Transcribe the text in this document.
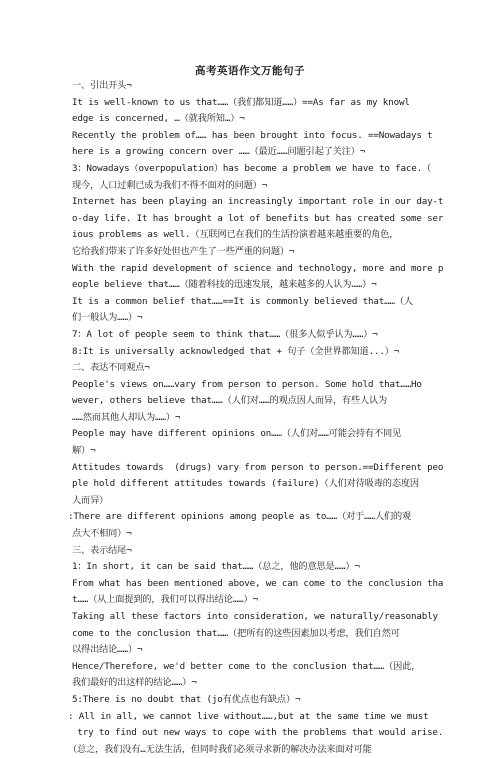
高考英语作文万能句子
一、引出开头¬
It is well-known to us that……（我们都知道……）==As far as my knowl
edge is concerned, …（就我所知…）¬
Recently the problem of…… has been brought into focus. ==Nowadays t
here is a growing concern over ……（最近……问题引起了关注）¬
3：Nowadays（overpopulation）has become a problem we have to face.（
现今，人口过剩已成为我们不得不面对的问题）¬
Internet has been playing an increasingly important role in our day-t
o-day life. It has brought a lot of benefits but has created some ser
ious problems as well.（互联网已在我们的生活扮演着越来越重要的角色，
它给我们带来了许多好处但也产生了一些严重的问题）¬
With the rapid development of science and technology, more and more p
eople believe that……（随着科技的迅速发展，越来越多的人认为……）¬
It is a common belief that……==It is commonly believed that……（人
们一般认为……）¬
7：A lot of people seem to think that……（很多人似乎认为……）¬
8:It is universally acknowledged that + 句子（全世界都知道...）¬
二、表达不同观点¬
People's views on……vary from person to person. Some hold that……Ho
wever, others believe that……（人们对……的观点因人而异，有些人认为
……然而其他人却认为……）¬
People may have different opinions on……（人们对……可能会持有不同见
解）¬
Attitudes towards  (drugs) vary from person to person.==Different peo
ple hold different attitudes towards (failure)（人们对待吸毒的态度因
人而异）
:There are different opinions among people as to……（对于……人们的观
点大不相同）¬
三、表示结尾¬
1：In short, it can be said that……（总之，他的意思是……）¬
From what has been mentioned above, we can come to the conclusion tha
t……（从上面提到的，我们可以得出结论……）¬
Taking all these factors into consideration, we naturally/reasonably
come to the conclusion that……（把所有的这些因素加以考虑，我们自然可
以得出结论……）¬
Hence/Therefore, we'd better come to the conclusion that……（因此，
我们最好的出这样的结论……）¬
5:There is no doubt that (jo有优点也有缺点）¬
: All in all, we cannot live without……,but at the same time we must
try to find out new ways to cope with the problems that would arise.
（总之，我们没有…无法生活，但同时我们必须寻求新的解决办法来面对可能
